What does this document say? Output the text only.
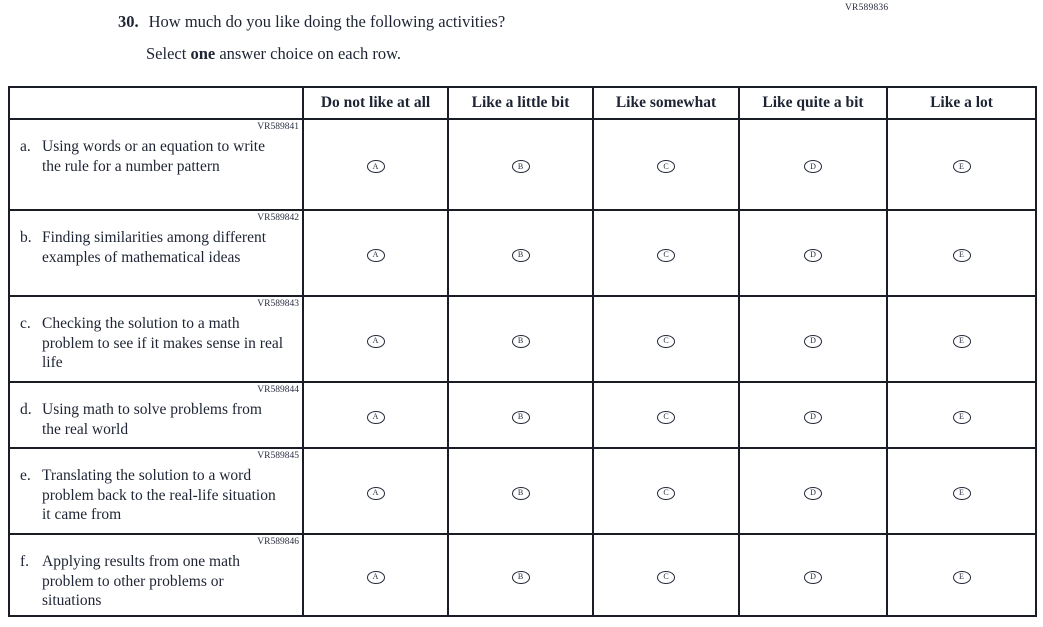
VR589836
30. How much do you like doing the following activities?
Select one answer choice on each row.
	Do not like at all	Like a little bit	Like somewhat	Like quite a bit	Like a lot

VR589841
a. Using words or an equation to write the rule for a number pattern	A	B	C	D	E

VR589842
b. Finding similarities among different examples of mathematical ideas	A	B	C	D	E

VR589843
c. Checking the solution to a math problem to see if it makes sense in real life	A	B	C	D	E

VR589844
d. Using math to solve problems from the real world	A	B	C	D	E

VR589845
e. Translating the solution to a word problem back to the real-life situation it came from	A	B	C	D	E

VR589846
f. Applying results from one math problem to other problems or situations	A	B	C	D	E
